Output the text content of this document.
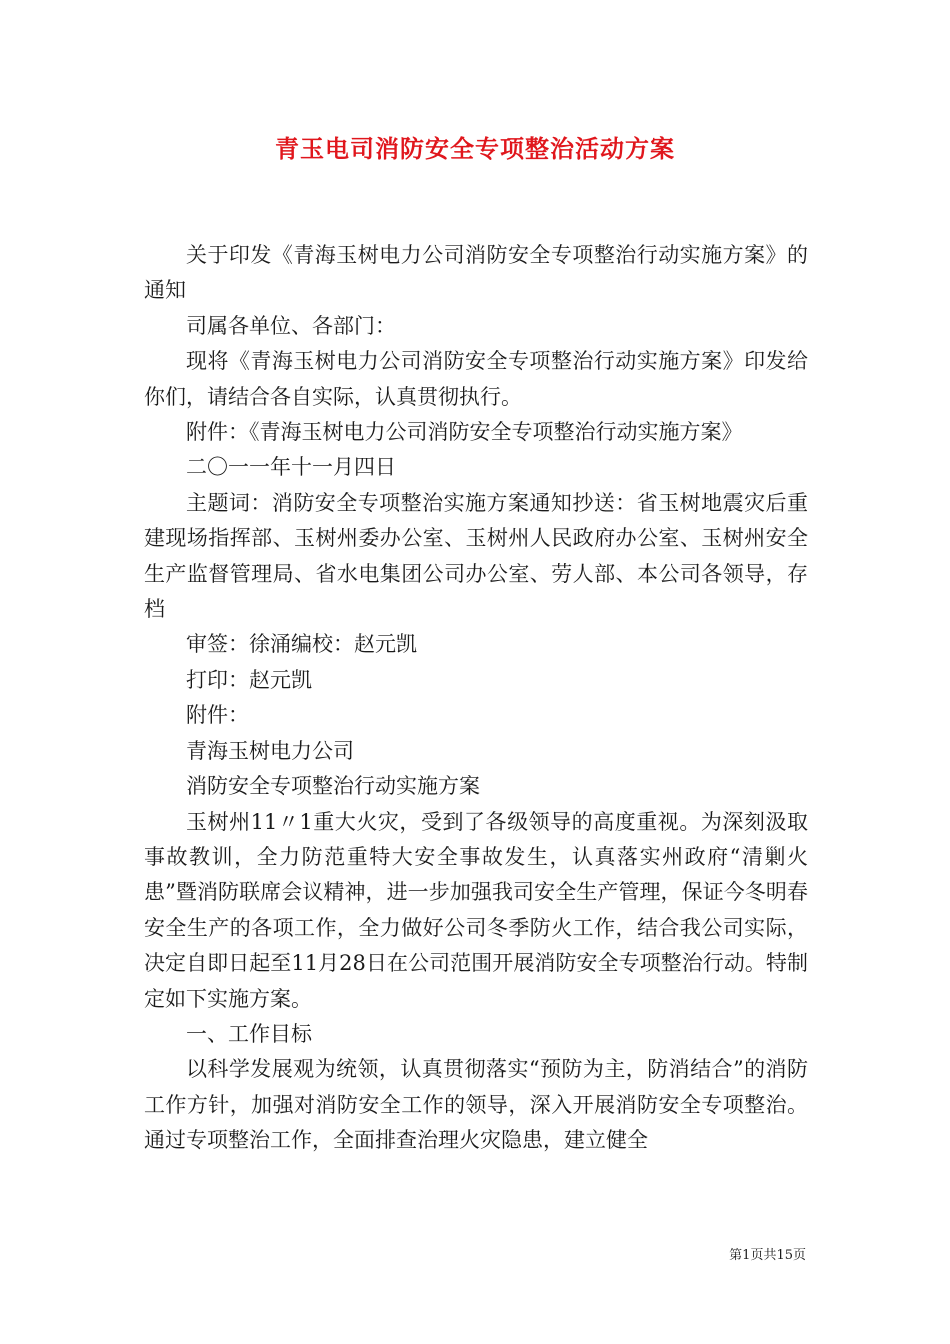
青玉电司消防安全专项整治活动方案

关于印发《青海玉树电力公司消防安全专项整治行动实施方案》的通知

司属各单位、各部门：

现将《青海玉树电力公司消防安全专项整治行动实施方案》印发给你们，请结合各自实际，认真贯彻执行。

附件：《青海玉树电力公司消防安全专项整治行动实施方案》

二〇一一年十一月四日

主题词：消防安全专项整治实施方案通知抄送：省玉树地震灾后重建现场指挥部、玉树州委办公室、玉树州人民政府办公室、玉树州安全生产监督管理局、省水电集团公司办公室、劳人部、本公司各领导，存档

审签：徐涌编校：赵元凯

打印：赵元凯

附件：

青海玉树电力公司

消防安全专项整治行动实施方案

玉树州11〃1重大火灾，受到了各级领导的高度重视。为深刻汲取事故教训，全力防范重特大安全事故发生，认真落实州政府“清剿火患”暨消防联席会议精神，进一步加强我司安全生产管理，保证今冬明春安全生产的各项工作，全力做好公司冬季防火工作，结合我公司实际，决定自即日起至11月28日在公司范围开展消防安全专项整治行动。特制定如下实施方案。

一、工作目标

以科学发展观为统领，认真贯彻落实“预防为主，防消结合”的消防工作方针，加强对消防安全工作的领导，深入开展消防安全专项整治。通过专项整治工作，全面排查治理火灾隐患，建立健全

第1页共15页
